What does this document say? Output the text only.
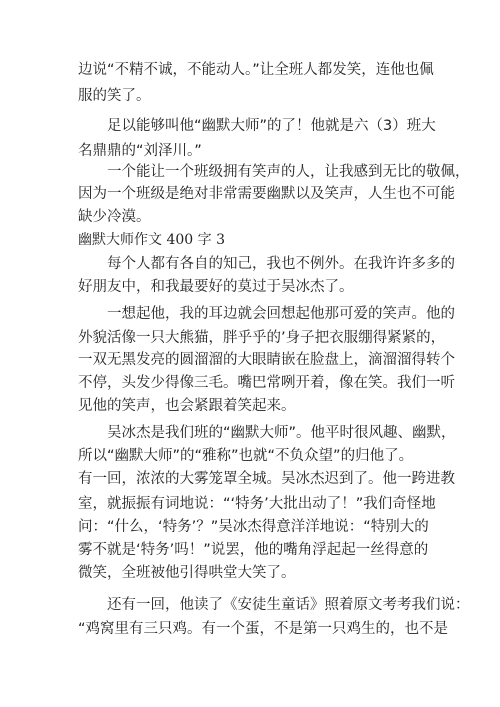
边说“不精不诚，不能动人。”让全班人都发笑，连他也佩
服的笑了。
足以能够叫他“幽默大师”的了！他就是六（3）班大
名鼎鼎的“刘泽川。”
一个能让一个班级拥有笑声的人，让我感到无比的敬佩，
因为一个班级是绝对非常需要幽默以及笑声，人生也不可能
缺少冷漠。
幽默大师作文 400 字 3
每个人都有各自的知己，我也不例外。在我许许多多的
好朋友中，和我最要好的莫过于吴冰杰了。
一想起他，我的耳边就会回想起他那可爱的笑声。他的
外貌活像一只大熊猫，胖乎乎的’身子把衣服绷得紧紧的，
一双无黑发亮的圆溜溜的大眼睛嵌在脸盘上，滴溜溜得转个
不停，头发少得像三毛。嘴巴常咧开着，像在笑。我们一听
见他的笑声，也会紧跟着笑起来。
吴冰杰是我们班的“幽默大师”。他平时很风趣、幽默，
所以“幽默大师”的“雅称”也就“不负众望”的归他了。
有一回，浓浓的大雾笼罩全城。吴冰杰迟到了。他一跨进教
室，就振振有词地说：“‘特务’大批出动了！”我们奇怪地
问：“什么，‘特务’？”吴冰杰得意洋洋地说：“特别大的
雾不就是‘特务’吗！”说罢，他的嘴角浮起起一丝得意的
微笑，全班被他引得哄堂大笑了。
还有一回，他读了《安徒生童话》照着原文考考我们说：
“鸡窝里有三只鸡。有一个蛋，不是第一只鸡生的，也不是
